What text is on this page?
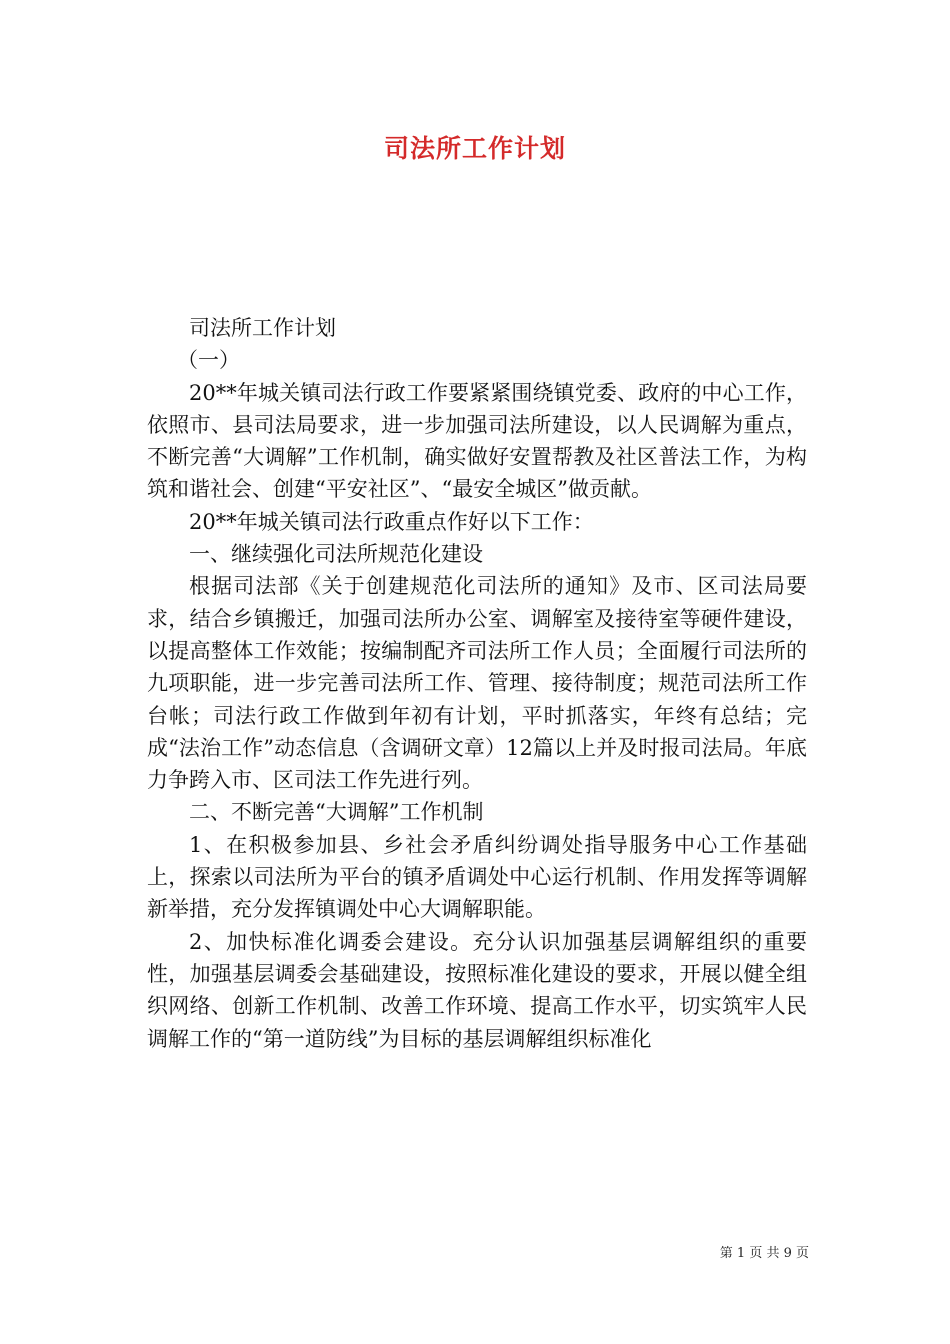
司法所工作计划

司法所工作计划

（一）

20**年城关镇司法行政工作要紧紧围绕镇党委、政府的中心工作，依照市、县司法局要求，进一步加强司法所建设，以人民调解为重点，不断完善“大调解”工作机制，确实做好安置帮教及社区普法工作，为构筑和谐社会、创建“平安社区”、“最安全城区”做贡献。

20**年城关镇司法行政重点作好以下工作：

一、继续强化司法所规范化建设

根据司法部《关于创建规范化司法所的通知》及市、区司法局要求，结合乡镇搬迁，加强司法所办公室、调解室及接待室等硬件建设，以提高整体工作效能；按编制配齐司法所工作人员；全面履行司法所的九项职能，进一步完善司法所工作、管理、接待制度；规范司法所工作台帐；司法行政工作做到年初有计划，平时抓落实，年终有总结；完成“法治工作”动态信息（含调研文章）12篇以上并及时报司法局。年底力争跨入市、区司法工作先进行列。

二、不断完善“大调解”工作机制

1、在积极参加县、乡社会矛盾纠纷调处指导服务中心工作基础上，探索以司法所为平台的镇矛盾调处中心运行机制、作用发挥等调解新举措，充分发挥镇调处中心大调解职能。

2、加快标准化调委会建设。充分认识加强基层调解组织的重要性，加强基层调委会基础建设，按照标准化建设的要求，开展以健全组织网络、创新工作机制、改善工作环境、提高工作水平，切实筑牢人民调解工作的“第一道防线”为目标的基层调解组织标准化

第 1 页 共 9 页
